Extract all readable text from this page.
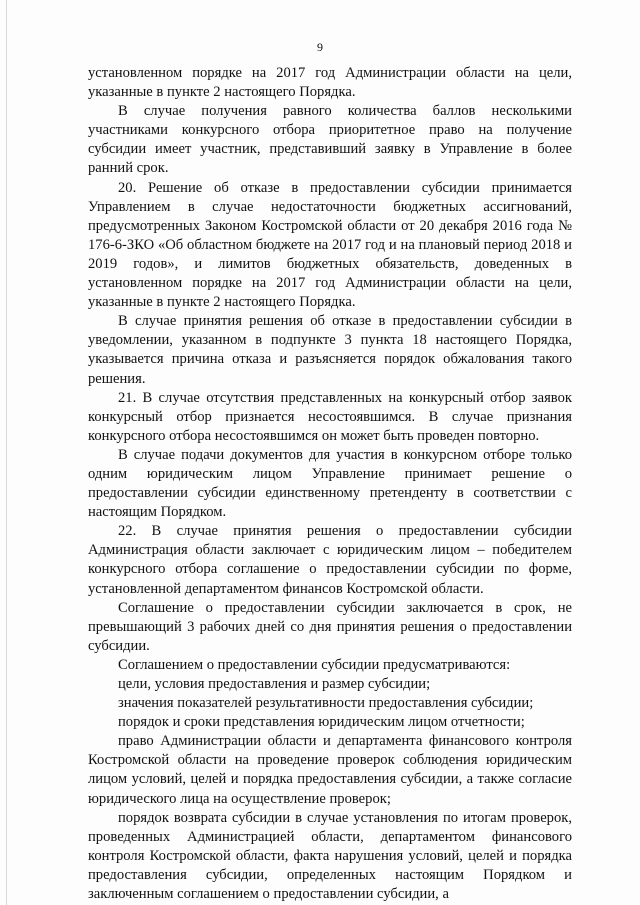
9

установленном порядке на 2017 год Администрации области на цели, указанные в пункте 2 настоящего Порядка.

В случае получения равного количества баллов несколькими участниками конкурсного отбора приоритетное право на получение субсидии имеет участник, представивший заявку в Управление в более ранний срок.

20. Решение об отказе в предоставлении субсидии принимается Управлением в случае недостаточности бюджетных ассигнований, предусмотренных Законом Костромской области от 20 декабря 2016 года № 176-6-ЗКО «Об областном бюджете на 2017 год и на плановый период 2018 и 2019 годов», и лимитов бюджетных обязательств, доведенных в установленном порядке на 2017 год Администрации области на цели, указанные в пункте 2 настоящего Порядка.

В случае принятия решения об отказе в предоставлении субсидии в уведомлении, указанном в подпункте 3 пункта 18 настоящего Порядка, указывается причина отказа и разъясняется порядок обжалования такого решения.

21. В случае отсутствия представленных на конкурсный отбор заявок конкурсный отбор признается несостоявшимся. В случае признания конкурсного отбора несостоявшимся он может быть проведен повторно.

В случае подачи документов для участия в конкурсном отборе только одним юридическим лицом Управление принимает решение о предоставлении субсидии единственному претенденту в соответствии с настоящим Порядком.

22. В случае принятия решения о предоставлении субсидии Администрация области заключает с юридическим лицом – победителем конкурсного отбора соглашение о предоставлении субсидии по форме, установленной департаментом финансов Костромской области.

Соглашение о предоставлении субсидии заключается в срок, не превышающий 3 рабочих дней со дня принятия решения о предоставлении субсидии.

Соглашением о предоставлении субсидии предусматриваются:

цели, условия предоставления и размер субсидии;

значения показателей результативности предоставления субсидии;

порядок и сроки представления юридическим лицом отчетности;

право Администрации области и департамента финансового контроля Костромской области на проведение проверок соблюдения юридическим лицом условий, целей и порядка предоставления субсидии, а также согласие юридического лица на осуществление проверок;

порядок возврата субсидии в случае установления по итогам проверок, проведенных Администрацией области, департаментом финансового контроля Костромской области, факта нарушения условий, целей и порядка предоставления субсидии, определенных настоящим Порядком и заключенным соглашением о предоставлении субсидии, а
